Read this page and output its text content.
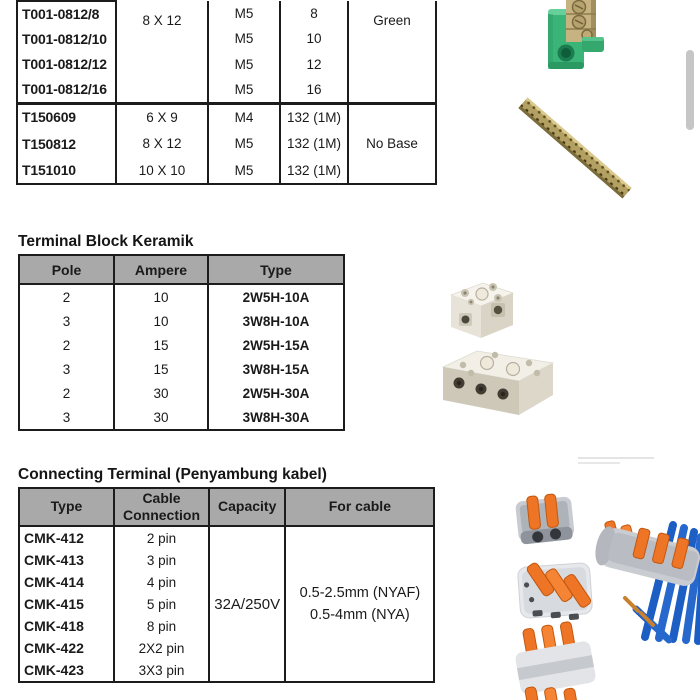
T001-0812/8	8 X 12	M5	8	Green
T001-0812/10		M5	10	
T001-0812/12		M5	12	
T001-0812/16		M5	16	
T150609	6 X 9	M4	132 (1M)	No Base
T150812	8 X 12	M5	132 (1M)	
T151010	10 X 10	M5	132 (1M)	
Terminal Block Keramik
Pole	Ampere	Type
2	10	2W5H-10A
3	10	3W8H-10A
2	15	2W5H-15A
3	15	3W8H-15A
2	30	2W5H-30A
3	30	3W8H-30A
Connecting Terminal (Penyambung kabel)
Type	Cable Connection	Capacity	For cable
CMK-412	2 pin	32A/250V	0.5-2.5mm (NYAF)
0.5-4mm (NYA)

CMK-413	3 pin		
CMK-414	4 pin		
CMK-415	5 pin		
CMK-418	8 pin		
CMK-422	2X2 pin		
CMK-423	3X3 pin		
